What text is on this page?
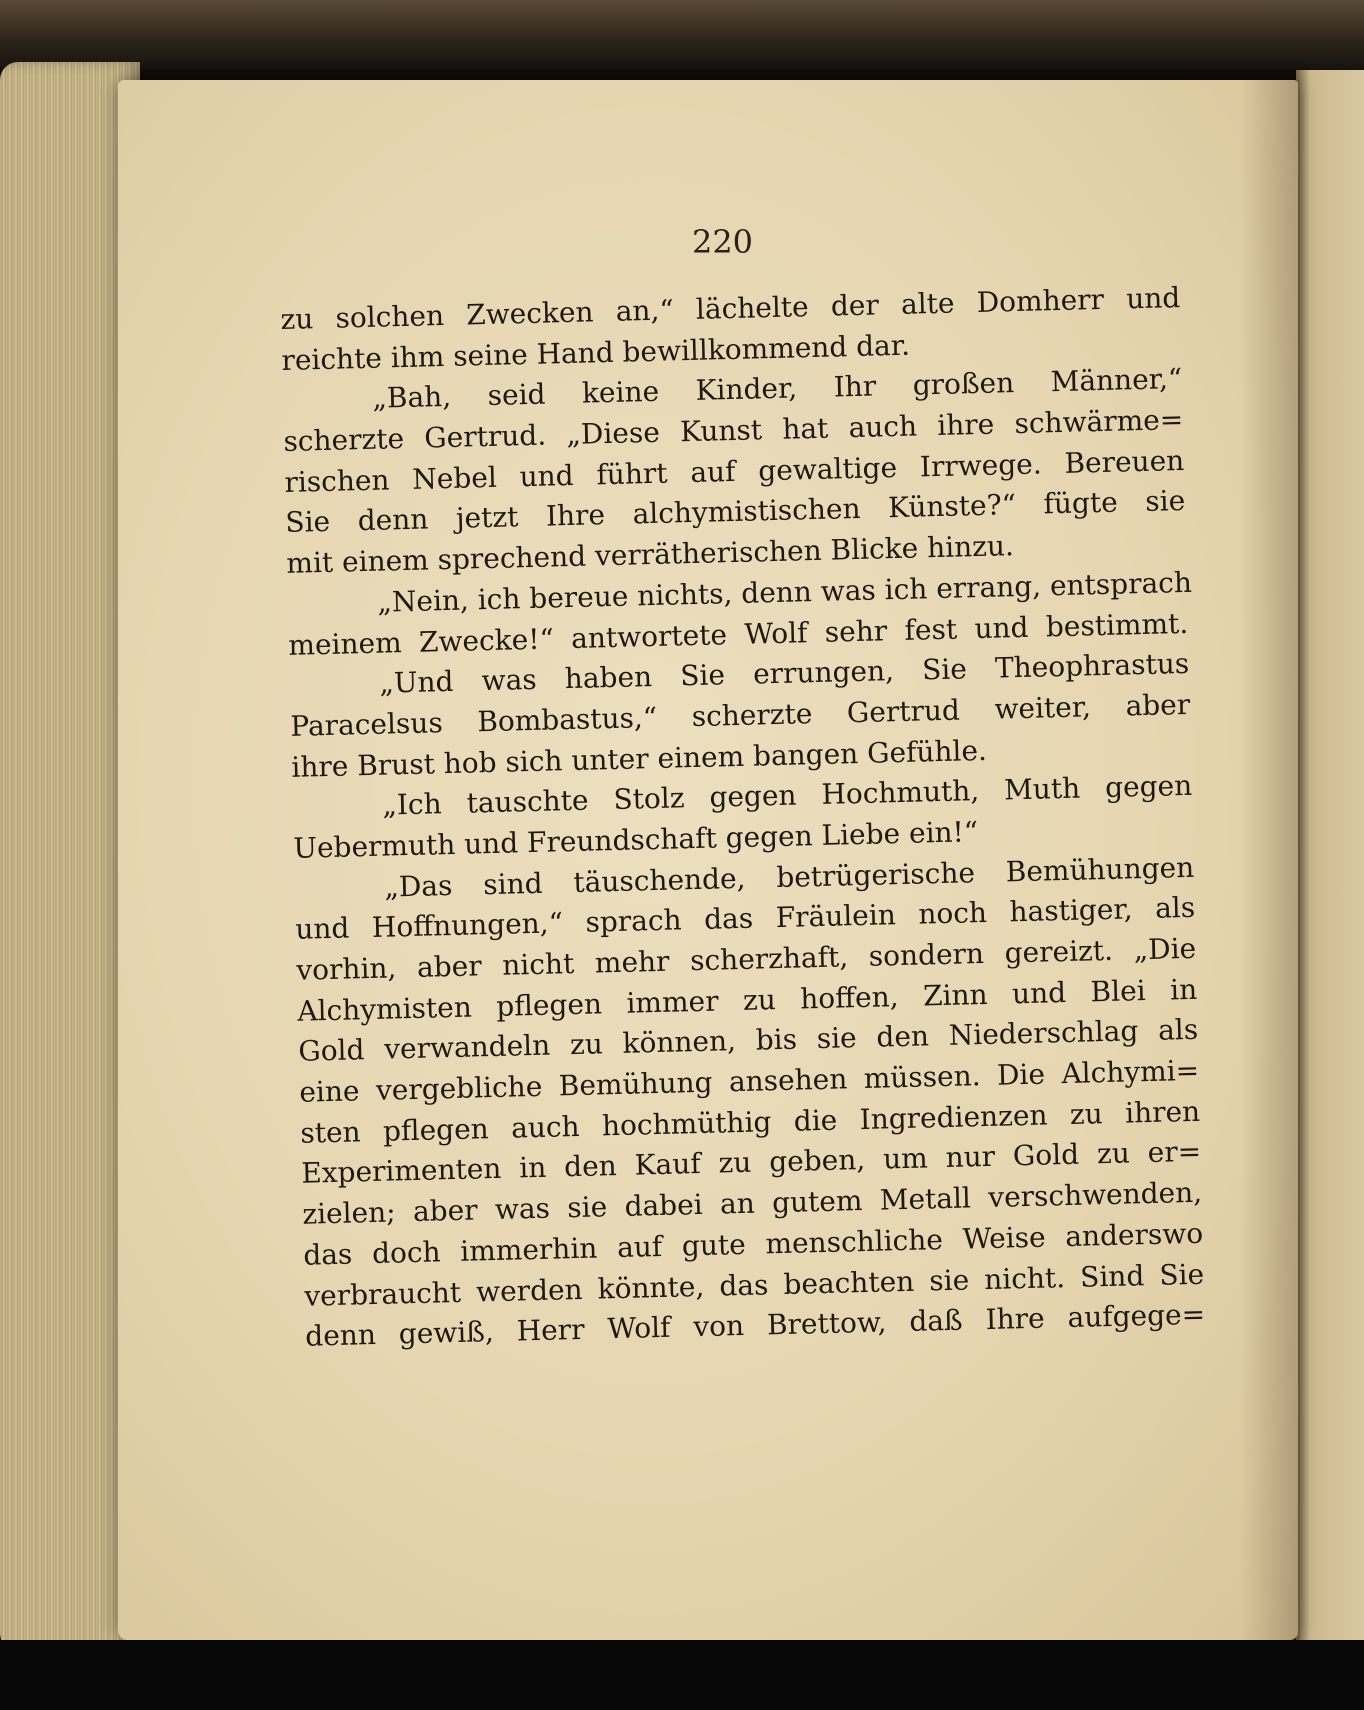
220
zu solchen Zwecken an,“ lächelte der alte Domherr und
reichte ihm seine Hand bewillkommend dar.
„Bah, seid keine Kinder, Ihr großen Männer,“
scherzte Gertrud. „Diese Kunst hat auch ihre schwärme=
rischen Nebel und führt auf gewaltige Irrwege. Bereuen
Sie denn jetzt Ihre alchymistischen Künste?“ fügte sie
mit einem sprechend verrätherischen Blicke hinzu.
„Nein, ich bereue nichts, denn was ich errang, entsprach
meinem Zwecke!“ antwortete Wolf sehr fest und bestimmt.
„Und was haben Sie errungen, Sie Theophrastus
Paracelsus Bombastus,“ scherzte Gertrud weiter, aber
ihre Brust hob sich unter einem bangen Gefühle.
„Ich tauschte Stolz gegen Hochmuth, Muth gegen
Uebermuth und Freundschaft gegen Liebe ein!“
„Das sind täuschende, betrügerische Bemühungen
und Hoffnungen,“ sprach das Fräulein noch hastiger, als
vorhin, aber nicht mehr scherzhaft, sondern gereizt. „Die
Alchymisten pflegen immer zu hoffen, Zinn und Blei in
Gold verwandeln zu können, bis sie den Niederschlag als
eine vergebliche Bemühung ansehen müssen. Die Alchymi=
sten pflegen auch hochmüthig die Ingredienzen zu ihren
Experimenten in den Kauf zu geben, um nur Gold zu er=
zielen; aber was sie dabei an gutem Metall verschwenden,
das doch immerhin auf gute menschliche Weise anderswo
verbraucht werden könnte, das beachten sie nicht. Sind Sie
denn gewiß, Herr Wolf von Brettow, daß Ihre aufgege=
